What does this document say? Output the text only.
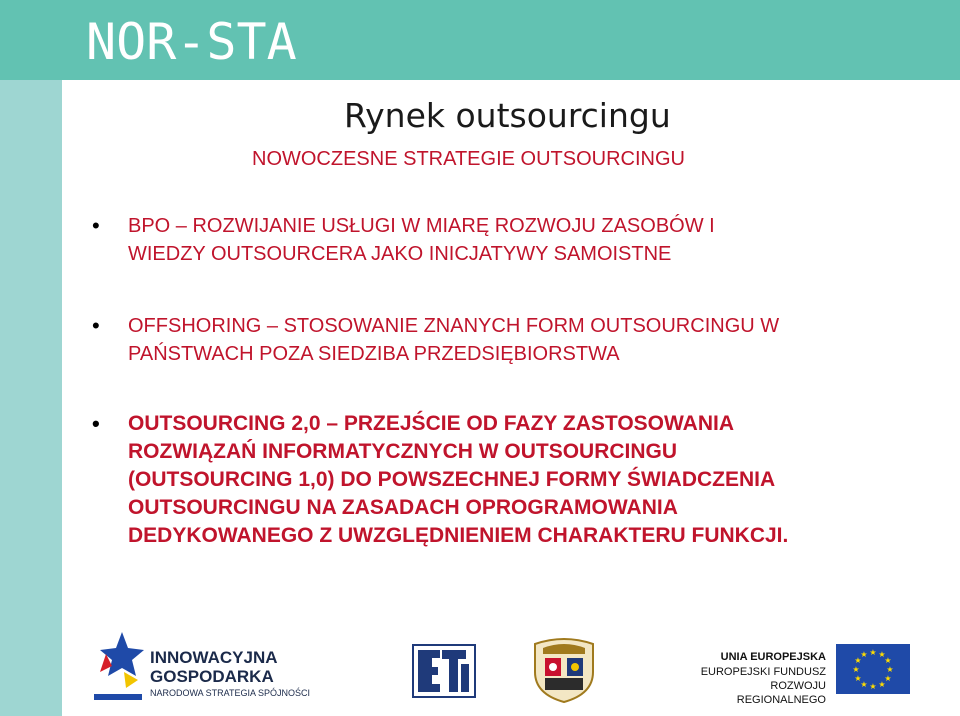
NOR-STA
Rynek outsourcingu
NOWOCZESNE STRATEGIE OUTSOURCINGU
• BPO – ROZWIJANIE USŁUGI W MIARĘ ROZWOJU ZASOBÓW I
WIEDZY OUTSOURCERA JAKO INICJATYWY SAMOISTNE
• OFFSHORING – STOSOWANIE ZNANYCH FORM OUTSOURCINGU W
PAŃSTWACH POZA SIEDZIBA PRZEDSIĘBIORSTWA
• OUTSOURCING 2,0 – PRZEJŚCIE OD FAZY ZASTOSOWANIA
ROZWIĄZAŃ INFORMATYCZNYCH W OUTSOURCINGU
(OUTSOURCING 1,0) DO POWSZECHNEJ FORMY ŚWIADCZENIA
OUTSOURCINGU NA ZASADACH OPROGRAMOWANIA
DEDYKOWANEGO Z UWZGLĘDNIENIEM CHARAKTERU FUNKCJI.
INNOWACYJNA
GOSPODARKA
NARODOWA STRATEGIA SPÓJNOŚCI
UNIA EUROPEJSKA
EUROPEJSKI FUNDUSZ
ROZWOJU REGIONALNEGO
★ ★
★
★
★
★
★
★
★
★
★
★
